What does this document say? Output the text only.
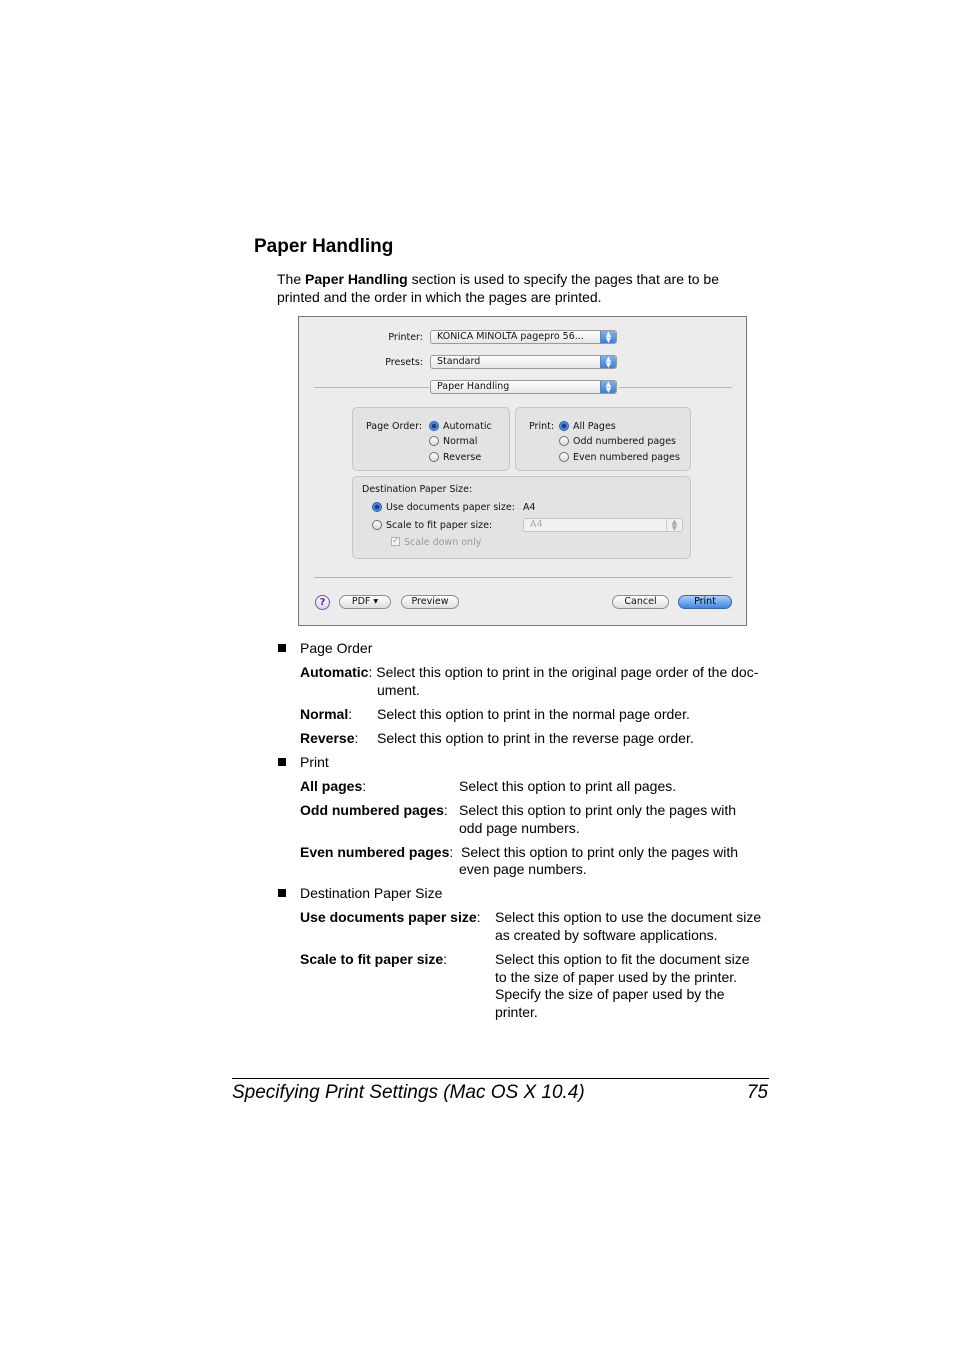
Paper Handling
The Paper Handling section is used to specify the pages that are to be printed and the order in which the pages are printed.
Printer:	KONICA MINOLTA pagepro 56...	▲
▼
Presets:	Standard	▲
▼
Paper Handling	▲
▼
Page Order: Automatic
Normal
Reverse
Print: All Pages
Odd numbered pages
Even numbered pages
Destination Paper Size:
Use documents paper size: A4
Scale to fit paper size:	A4	▲
▼
✓ Scale down only
?	PDF ▾	Preview	Cancel	Print
Page Order
Automatic: Select this option to print in the original page order of the doc-
ument.
Normal: Select this option to print in the normal page order.
Reverse: Select this option to print in the reverse page order.
Print
All pages:	Select this option to print all pages.
Odd numbered pages: Select this option to print only the pages with
odd page numbers.
Even numbered pages: Select this option to print only the pages with
even page numbers.
Destination Paper Size
Use documents paper size: Select this option to use the document size
as created by software applications.
Scale to fit paper size:	Select this option to fit the document size
to the size of paper used by the printer.
Specify the size of paper used by the
printer.
Specifying Print Settings (Mac OS X 10.4)	75
